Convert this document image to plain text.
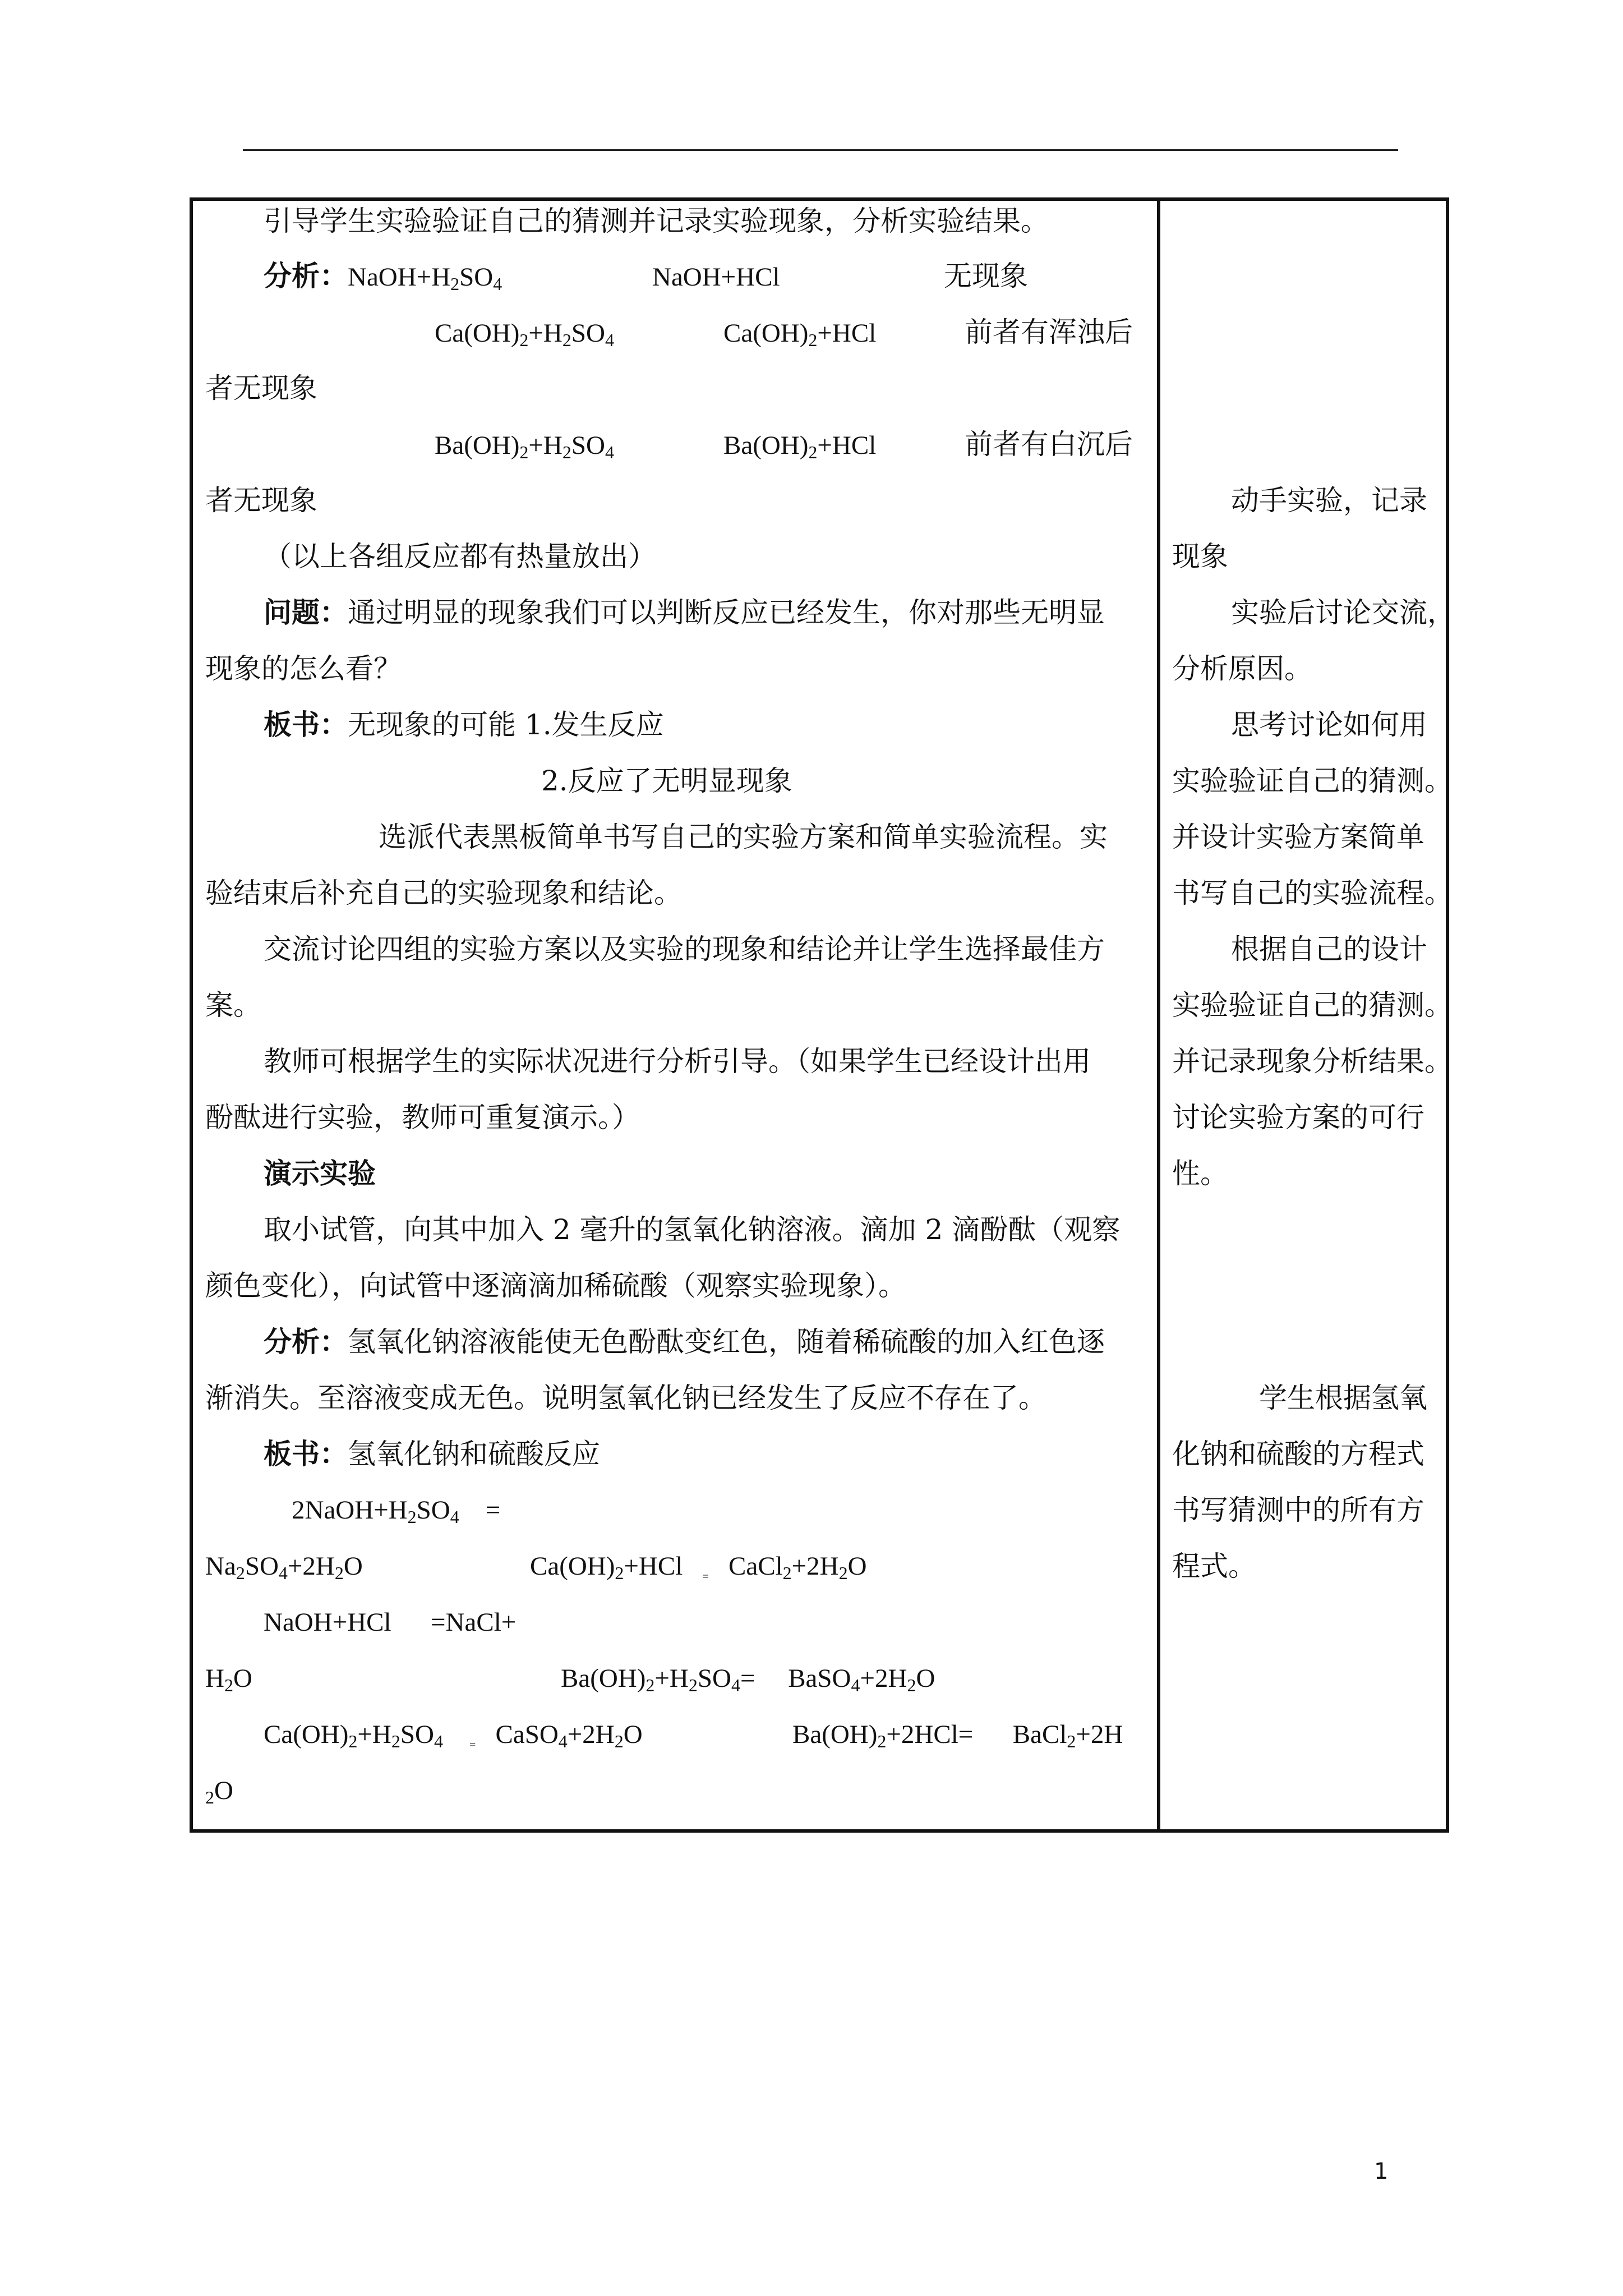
引导学生实验验证自己的猜测并记录实验现象，分析实验结果。
分析： $NaOH+H_2SO_4$	NaOH+HCl	无现象
$Ca(OH)_2+H_2SO_4$	$Ca(OH)_2+HCl$	前者有浑浊后
者无现象
$Ba(OH)_2+H_2SO_4$	$Ba(OH)_2+HCl$	前者有白沉后
者无现象
（以上各组反应都有热量放出）
问题： 通过明显的现象我们可以判断反应已经发生，你对那些无明显
现象的怎么看？
板书： 无现象的可能 1.发生反应
2.反应了无明显现象
选派代表黑板简单书写自己的实验方案和简单实验流程。实
验结束后补充自己的实验现象和结论。
交流讨论四组的实验方案以及实验的现象和结论并让学生选择最佳方
案。
教师可根据学生的实际状况进行分析引导。（如果学生已经设计出用
酚酞进行实验，教师可重复演示。）
演示实验
取小试管，向其中加入 2 毫升的氢氧化钠溶液。滴加 2 滴酚酞（观察
颜色变化），向试管中逐滴滴加稀硫酸（观察实验现象）。
分析： 氢氧化钠溶液能使无色酚酞变红色，随着稀硫酸的加入红色逐
渐消失。至溶液变成无色。说明氢氧化钠已经发生了反应不存在了。
板书： 氢氧化钠和硫酸反应
$2NaOH+H_2SO_4$    =
$Na_2SO_4+2H_2O$	$Ca(OH)_2+HCl$   $_=$   $CaCl_2+2H_2O$
NaOH+HCl      =NaCl+
$H_2O$	$Ba(OH)_2+H_2SO_4=$     $BaSO_4+2H_2O$
$Ca(OH)_2+H_2SO_4$ $_=$   $CaSO_4+2H_2O$	$Ba(OH)_2+2HCl=$      BaCl$_2$+2H
$_2$O
动手实验，记录
现象
实验后讨论交流，
分析原因。
思考讨论如何用
实验验证自己的猜测。
并设计实验方案简单
书写自己的实验流程。
根据自己的设计
实验验证自己的猜测。
并记录现象分析结果。
讨论实验方案的可行
性。
学生根据氢氧
化钠和硫酸的方程式
书写猜测中的所有方
程式。
1
